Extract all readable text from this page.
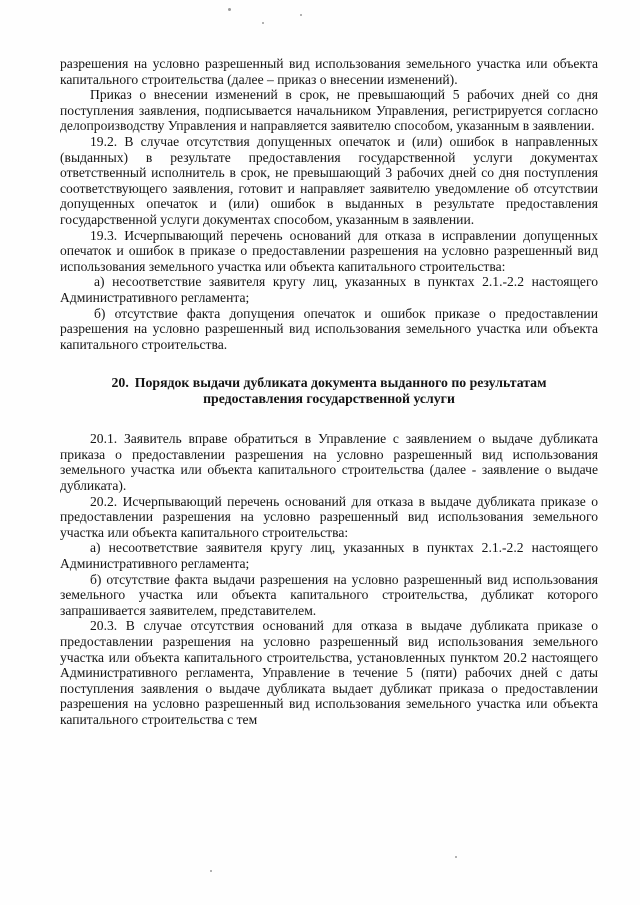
разрешения на условно разрешенный вид использования земельного участка или объекта капитального строительства (далее – приказ о внесении изменений).

Приказ о внесении изменений в срок, не превышающий 5 рабочих дней со дня поступления заявления, подписывается начальником Управления, регистрируется согласно делопроизводству Управления и направляется заявителю способом, указанным в заявлении.

19.2. В случае отсутствия допущенных опечаток и (или) ошибок в направленных (выданных) в результате предоставления государственной услуги документах ответственный исполнитель в срок, не превышающий 3 рабочих дней со дня поступления соответствующего заявления, готовит и направляет заявителю уведомление об отсутствии допущенных опечаток и (или) ошибок в выданных в результате предоставления государственной услуги документах способом, указанным в заявлении.

19.3. Исчерпывающий перечень оснований для отказа в исправлении допущенных опечаток и ошибок в приказе о предоставлении разрешения на условно разрешенный вид использования земельного участка или объекта капитального строительства:

а) несоответствие заявителя кругу лиц, указанных в пунктах 2.1.-2.2 настоящего Административного регламента;

б) отсутствие факта допущения опечаток и ошибок приказе о предоставлении разрешения на условно разрешенный вид использования земельного участка или объекта капитального строительства.

20. Порядок выдачи дубликата документа выданного по результатам предоставления государственной услуги

20.1. Заявитель вправе обратиться в Управление с заявлением о выдаче дубликата приказа о предоставлении разрешения на условно разрешенный вид использования земельного участка или объекта капитального строительства (далее - заявление о выдаче дубликата).

20.2. Исчерпывающий перечень оснований для отказа в выдаче дубликата приказе о предоставлении разрешения на условно разрешенный вид использования земельного участка или объекта капитального строительства:

а) несоответствие заявителя кругу лиц, указанных в пунктах 2.1.-2.2 настоящего Административного регламента;

б) отсутствие факта выдачи разрешения на условно разрешенный вид использования земельного участка или объекта капитального строительства, дубликат которого запрашивается заявителем, представителем.

20.3. В случае отсутствия оснований для отказа в выдаче дубликата приказе о предоставлении разрешения на условно разрешенный вид использования земельного участка или объекта капитального строительства, установленных пунктом 20.2 настоящего Административного регламента, Управление в течение 5 (пяти) рабочих дней с даты поступления заявления о выдаче дубликата выдает дубликат приказа о предоставлении разрешения на условно разрешенный вид использования земельного участка или объекта капитального строительства с тем
